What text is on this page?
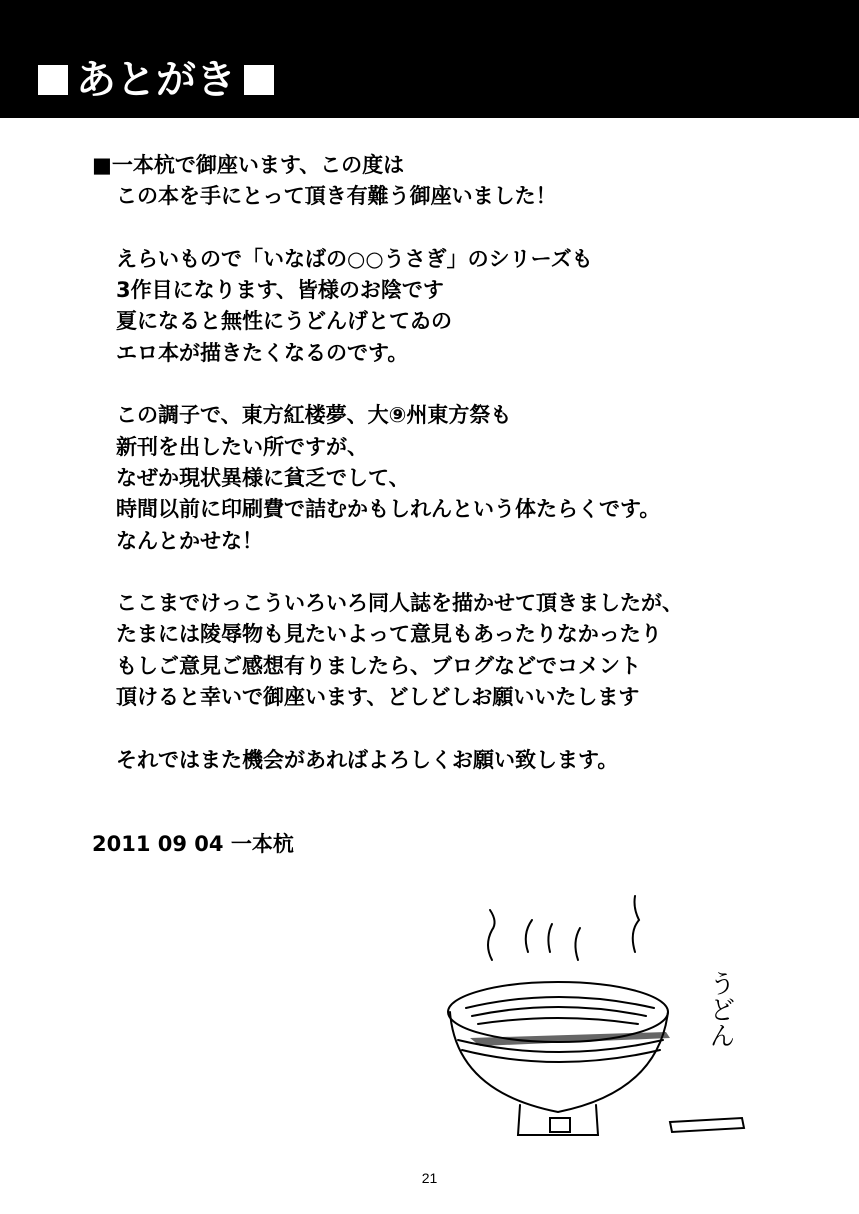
あとがき
■一本杭で御座います、この度は
この本を手にとって頂き有難う御座いました！
えらいもので「いなばの○○うさぎ」のシリーズも
3作目になります、皆様のお陰です
夏になると無性にうどんげとてゐの
エロ本が描きたくなるのです。
この調子で、東方紅楼夢、大⑨州東方祭も
新刊を出したい所ですが、
なぜか現状異様に貧乏でして、
時間以前に印刷費で詰むかもしれんという体たらくです。
なんとかせな！
ここまでけっこういろいろ同人誌を描かせて頂きましたが、
たまには陵辱物も見たいよって意見もあったりなかったり
もしご意見ご感想有りましたら、ブログなどでコメント
頂けると幸いで御座います、どしどしお願いいたします
それではまた機会があればよろしくお願い致します。
2011 09 04 一本杭
うどん
21
